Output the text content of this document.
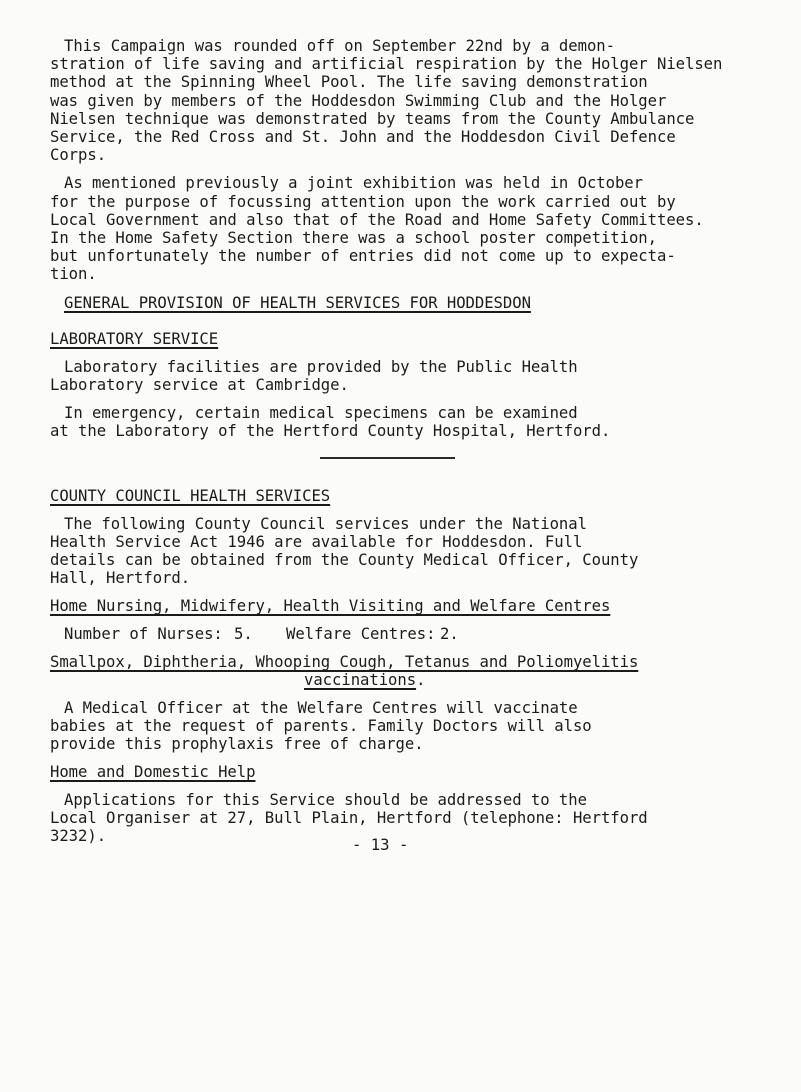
This Campaign was rounded off on September 22nd by a demon-
stration of life saving and artificial respiration by the Holger Nielsen
method at the Spinning Wheel Pool. The life saving demonstration
was given by members of the Hoddesdon Swimming Club and the Holger
Nielsen technique was demonstrated by teams from the County Ambulance
Service, the Red Cross and St. John and the Hoddesdon Civil Defence
Corps.
As mentioned previously a joint exhibition was held in October
for the purpose of focussing attention upon the work carried out by
Local Government and also that of the Road and Home Safety Committees.
In the Home Safety Section there was a school poster competition,
but unfortunately the number of entries did not come up to expecta-
tion.
GENERAL PROVISION OF HEALTH SERVICES FOR HODDESDON
LABORATORY SERVICE
Laboratory facilities are provided by the Public Health
Laboratory service at Cambridge.
In emergency, certain medical specimens can be examined
at the Laboratory of the Hertford County Hospital, Hertford.
COUNTY COUNCIL HEALTH SERVICES
The following County Council services under the National
Health Service Act 1946 are available for Hoddesdon. Full
details can be obtained from the County Medical Officer, County
Hall, Hertford.
Home Nursing, Midwifery, Health Visiting and Welfare Centres
Number of Nurses: 5. Welfare Centres: 2.
Smallpox, Diphtheria, Whooping Cough, Tetanus and Poliomyelitis
vaccinations.
A Medical Officer at the Welfare Centres will vaccinate
babies at the request of parents. Family Doctors will also
provide this prophylaxis free of charge.
Home and Domestic Help
Applications for this Service should be addressed to the
Local Organiser at 27, Bull Plain, Hertford (telephone: Hertford
3232).	- 13 -
